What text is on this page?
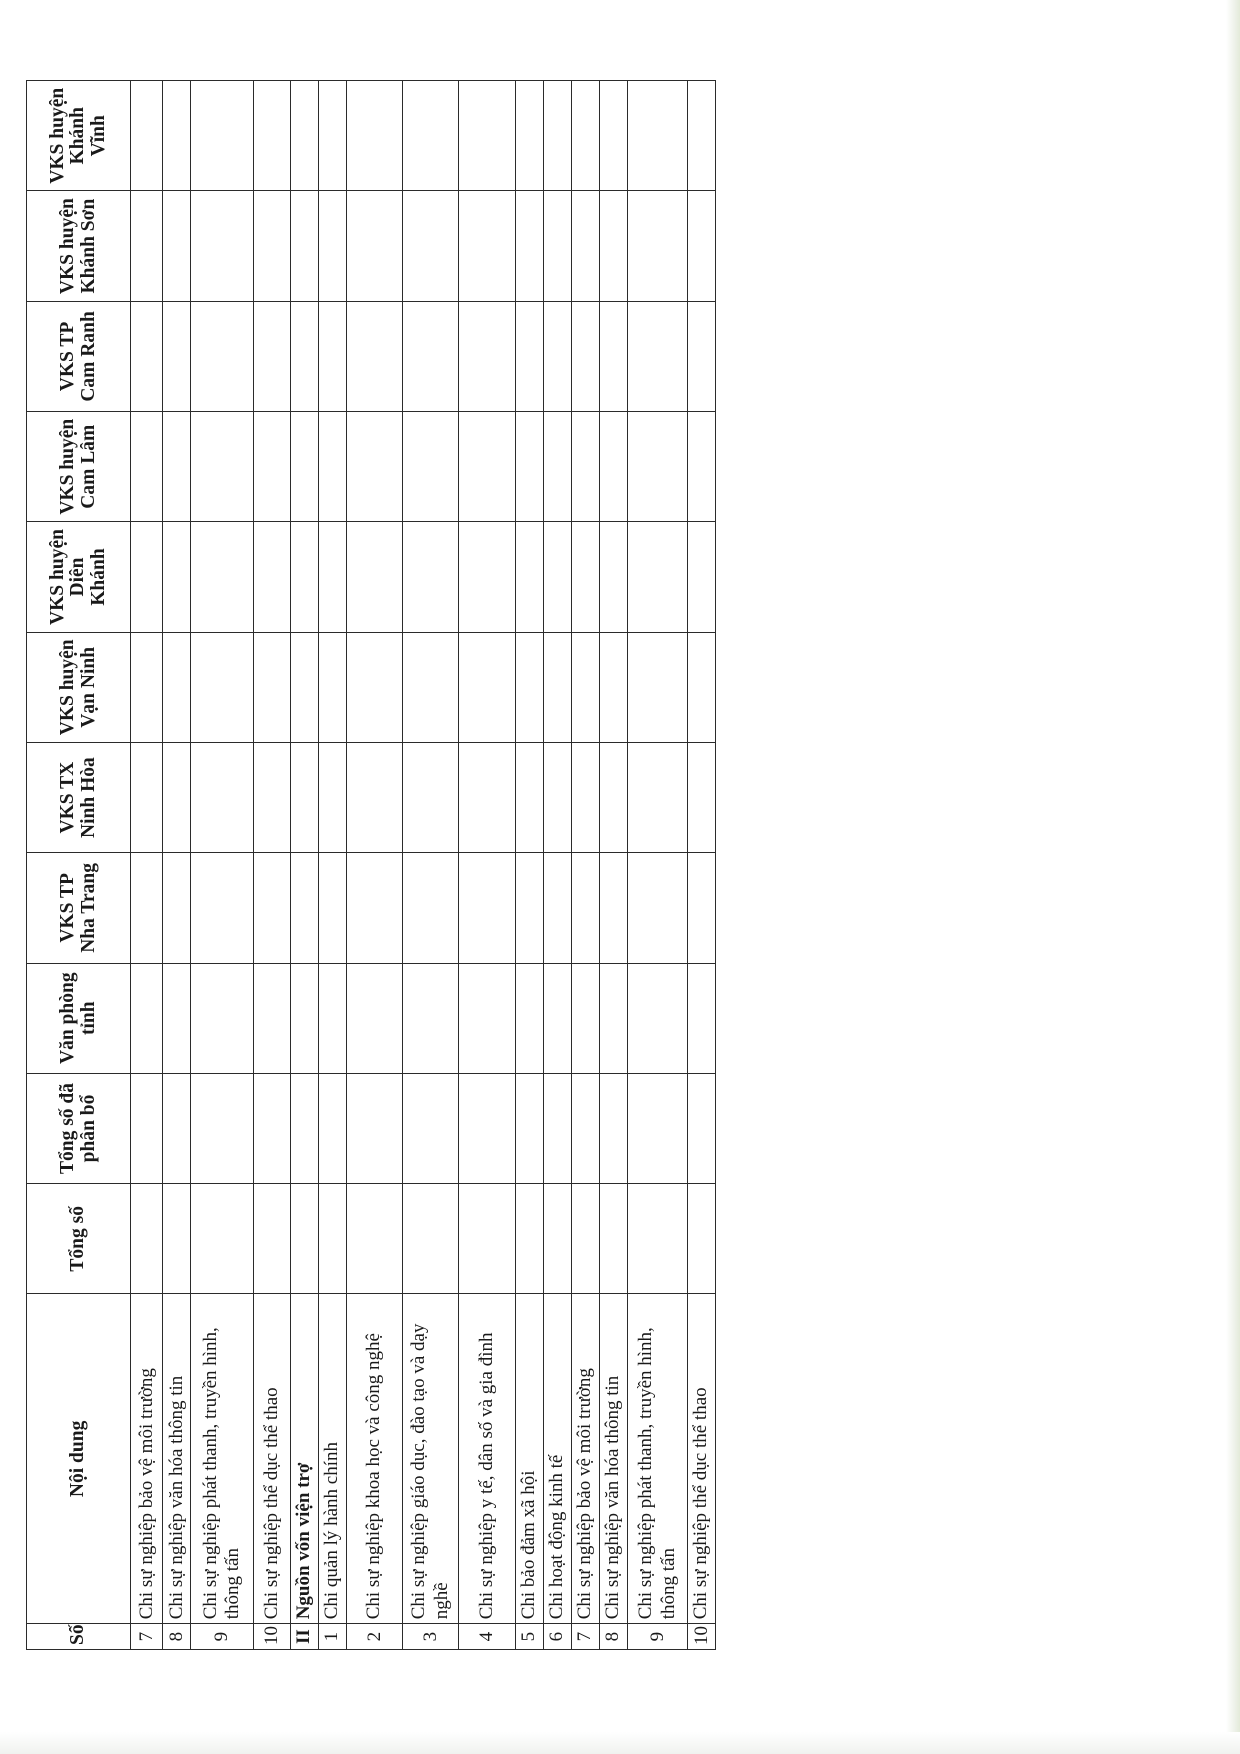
Số	Nội dung	Tổng số	Tổng số đã phân bổ	Văn phòng tỉnh	VKS TP Nha Trang	VKS TX Ninh Hòa	VKS huyện Vạn Ninh	VKS huyện Diên Khánh	VKS huyện Cam Lâm	VKS TP Cam Ranh	VKS huyện Khánh Sơn	VKS huyện Khánh Vĩnh
7	Chi sự nghiệp bảo vệ môi trường											
8	Chi sự nghiệp văn hóa thông tin											
9	Chi sự nghiệp phát thanh, truyền hình, thông tấn											
10	Chi sự nghiệp thể dục thể thao											
II	Nguồn vốn viện trợ											
1	Chi quản lý hành chính											
2	Chi sự nghiệp khoa học và công nghệ											
3	Chi sự nghiệp giáo dục, đào tạo và dạy nghề											
4	Chi sự nghiệp y tế, dân số và gia đình											
5	Chi bảo đảm xã hội											
6	Chi hoạt động kinh tế											
7	Chi sự nghiệp bảo vệ môi trường											
8	Chi sự nghiệp văn hóa thông tin											
9	Chi sự nghiệp phát thanh, truyền hình, thông tấn											
10	Chi sự nghiệp thể dục thể thao											
